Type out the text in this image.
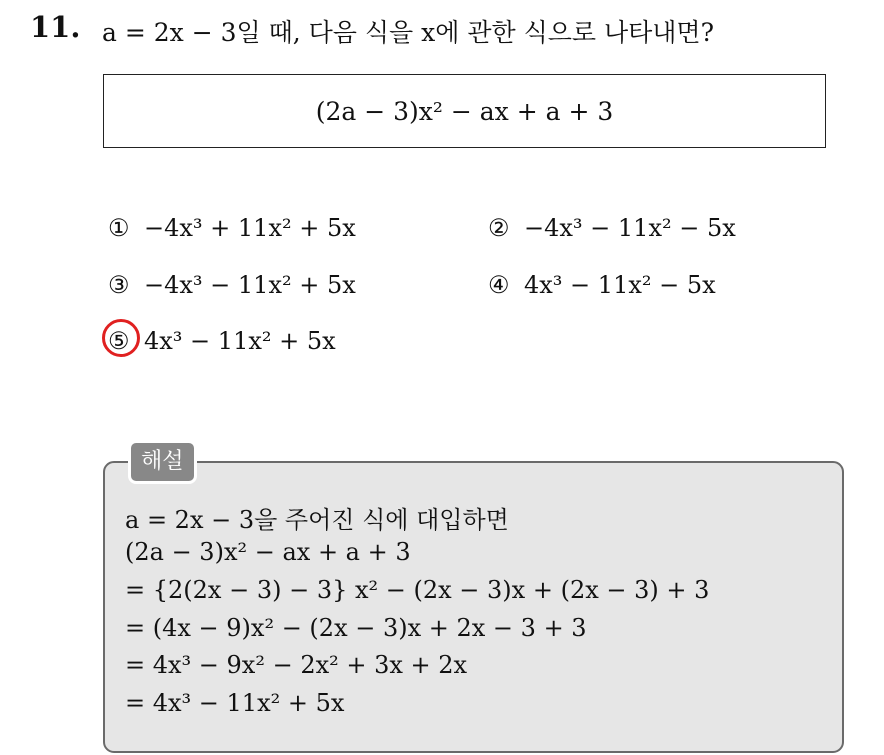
11. a = 2x − 3일 때, 다음 식을 x에 관한 식으로 나타내면?
(2a − 3)x² − ax + a + 3
① −4x³ + 11x² + 5x	② −4x³ − 11x² − 5x
③ −4x³ − 11x² + 5x	④ 4x³ − 11x² − 5x
⑤ 4x³ − 11x² + 5x
해설
a = 2x − 3을 주어진 식에 대입하면
(2a − 3)x² − ax + a + 3
= {2(2x − 3) − 3} x² − (2x − 3)x + (2x − 3) + 3
= (4x − 9)x² − (2x − 3)x + 2x − 3 + 3
= 4x³ − 9x² − 2x² + 3x + 2x
= 4x³ − 11x² + 5x
